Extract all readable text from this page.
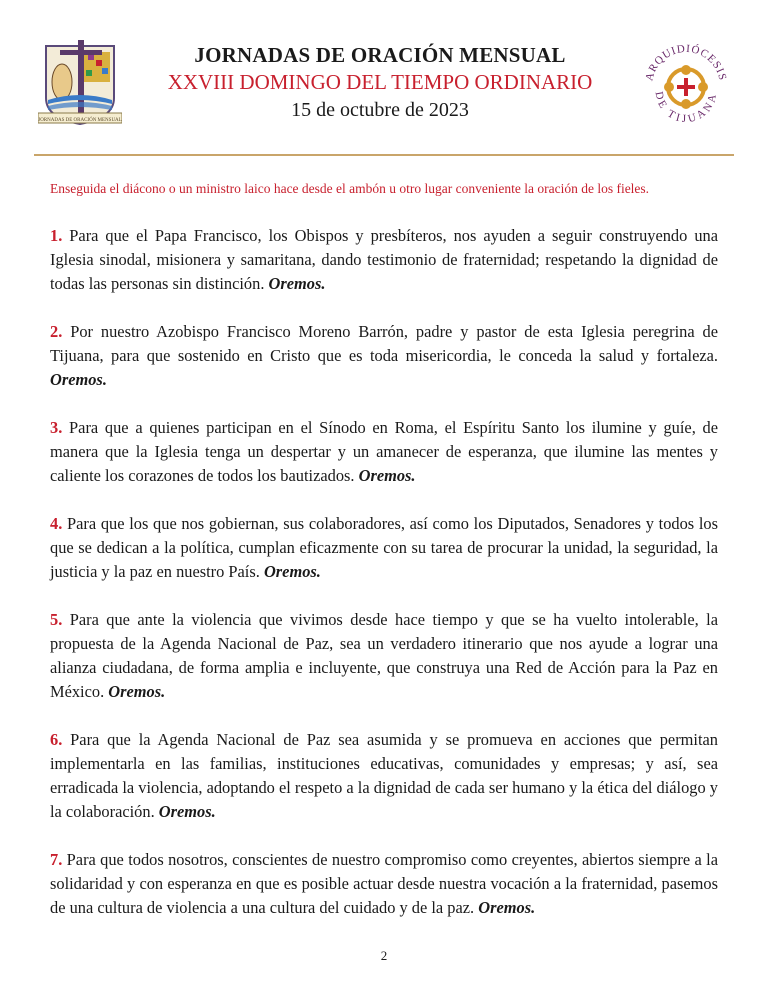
JORNADAS DE ORACIÓN MENSUAL
JORNADAS DE ORACIÓN MENSUAL
XXVIII DOMINGO DEL TIEMPO ORDINARIO
15 de octubre de 2023
ARQUIDIÓCESIS
DE TIJUANA
Enseguida el diácono o un ministro laico hace desde el ambón u otro lugar conveniente la oración de los fieles.

1. Para que el Papa Francisco, los Obispos y presbíteros, nos ayuden a seguir construyendo una Iglesia sinodal, misionera y samaritana, dando testimonio de fraternidad; respetando la dignidad de todas las personas sin distinción. Oremos.

2. Por nuestro Azobispo Francisco Moreno Barrón, padre y pastor de esta Iglesia peregrina de Tijuana, para que sostenido en Cristo que es toda misericordia, le conceda la salud y fortaleza. Oremos.

3. Para que a quienes participan en el Sínodo en Roma, el Espíritu Santo los ilumine y guíe, de manera que la Iglesia tenga un despertar y un amanecer de esperanza, que ilumine las mentes y caliente los corazones de todos los bautizados. Oremos.

4. Para que los que nos gobiernan, sus colaboradores, así como los Diputados, Senadores y todos los que se dedican a la política, cumplan eficazmente con su tarea de procurar la unidad, la seguridad, la justicia y la paz en nuestro País. Oremos.

5. Para que ante la violencia que vivimos desde hace tiempo y que se ha vuelto intolerable, la propuesta de la Agenda Nacional de Paz, sea un verdadero itinerario que nos ayude a lograr una alianza ciudadana, de forma amplia e incluyente, que construya una Red de Acción para la Paz en México. Oremos.

6. Para que la Agenda Nacional de Paz sea asumida y se promueva en acciones que permitan implementarla en las familias, instituciones educativas, comunidades y empresas; y así, sea erradicada la violencia, adoptando el respeto a la dignidad de cada ser humano y la ética del diálogo y la colaboración. Oremos.

7. Para que todos nosotros, conscientes de nuestro compromiso como creyentes, abiertos siempre a la solidaridad y con esperanza en que es posible actuar desde nuestra vocación a la fraternidad, pasemos de una cultura de violencia a una cultura del cuidado y de la paz. Oremos.

2
